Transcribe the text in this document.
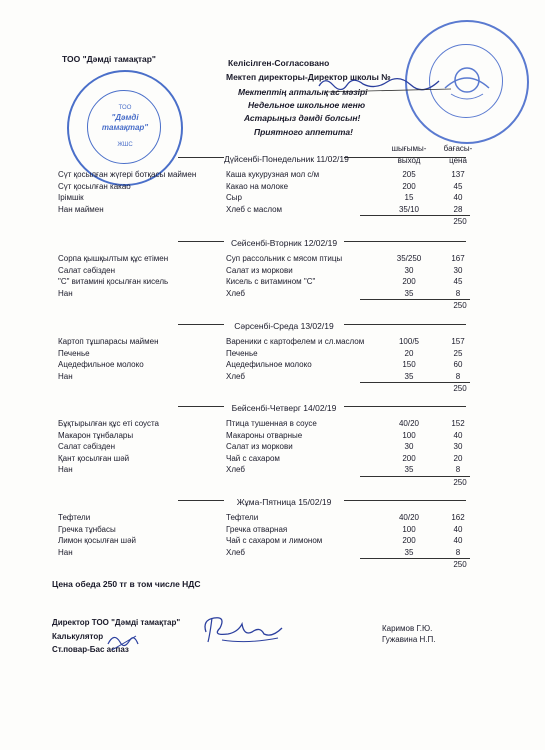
ТОО
"Дәмді
тамақтар"
ЖШС
ТОО "Дәмді тамақтар"	Келісілген-Согласовано
Мектеп директоры-Директор школы №
Мектептің апталық ас мәзірі
Недельное школьное меню
Астарыңыз дәмді болсын!
Приятного аппетита!
шығымы-
выход
бағасы-
цена
Дүйсенбі-Понедельник 11/02/19
Сүт қосылған жүгері ботқасы маймен	Каша кукурузная мол с/м	205	137
Сүт қосылған какао	Какао на молоке	200	45
Ірімшік	Сыр	15	40
Нан маймен	Хлеб с маслом	35/10	28
250
Сейсенбі-Вторник 12/02/19
Сорпа қышқылтым құс етімен	Суп рассольник с мясом птицы	35/250	167
Салат сәбізден	Салат из моркови	30	30
"С" витамині қосылған кисель	Кисель с витамином "С"	200	45
Нан	Хлеб	35	8
250
Сәрсенбі-Среда 13/02/19
Картоп тұшпарасы маймен	Вареники с картофелем и сл.маслом	100/5	157
Печенье	Печенье	20	25
Ацедефильное молоко	Ацедефильное молоко	150	60
Нан	Хлеб	35	8
250
Бейсенбі-Четверг 14/02/19
Бұқтырылған құс еті соуста	Птица тушенная в соусе	40/20	152
Макарон тұнбалары	Макароны отварные	100	40
Салат сәбізден	Салат из моркови	30	30
Қант қосылған шәй	Чай с сахаром	200	20
Нан	Хлеб	35	8
250
Жұма-Пятница 15/02/19
Тефтели	Тефтели	40/20	162
Гречка тұнбасы	Гречка отварная	100	40
Лимон қосылған шәй	Чай с сахаром и лимоном	200	40
Нан	Хлеб	35	8
250
Цена обеда 250 тг в том числе НДС
Директор ТОО "Дәмді тамақтар"
Калькулятор
Ст.повар-Бас аспаз
Каримов Г.Ю.
Гужавина Н.П.
